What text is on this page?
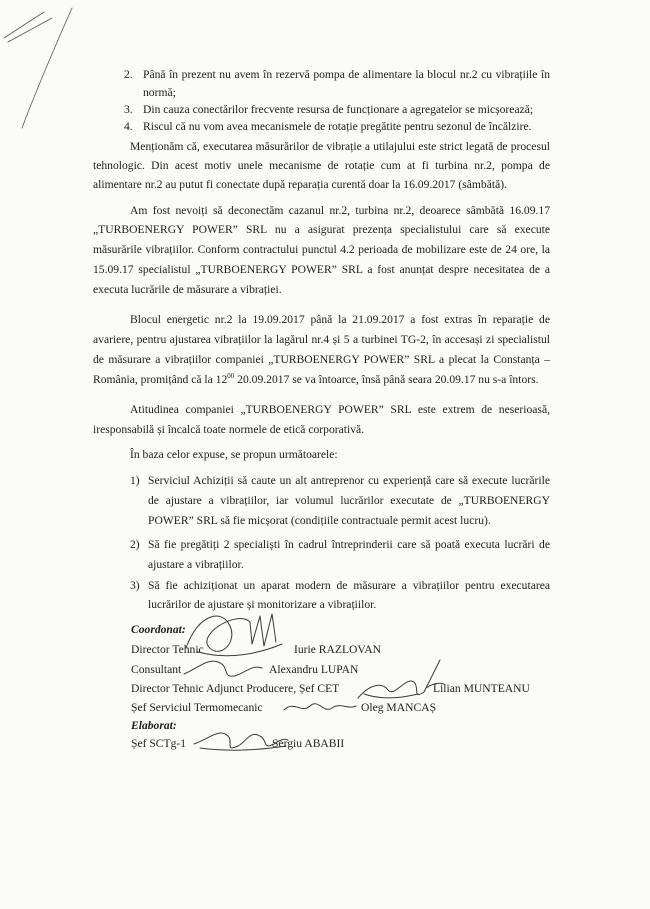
2. Până în prezent nu avem în rezervă pompa de alimentare la blocul nr.2 cu vibrațiile în
normă;
3. Din cauza conectărilor frecvente resursa de funcționare a agregatelor se micșorează;
4. Riscul că nu vom avea mecanismele de rotație pregătite pentru sezonul de încălzire.
Menționăm că, executarea măsurărilor de vibrație a utilajului este strict legată de procesul
tehnologic. Din acest motiv unele mecanisme de rotație cum at fi turbina nr.2, pompa de
alimentare nr.2 au putut fi conectate după reparația curentă doar la 16.09.2017 (sâmbătă).
Am fost nevoiți să deconectăm cazanul nr.2, turbina nr.2, deoarece sâmbătă 16.09.17
„TURBOENERGY POWER” SRL nu a asigurat prezența specialistului care să execute
măsurările vibrațiilor. Conform contractului punctul 4.2 perioada de mobilizare este de 24 ore, la
15.09.17 specialistul „TURBOENERGY POWER” SRL a fost anunțat despre necesitatea de a
executa lucrările de măsurare a vibrației.
Blocul energetic nr.2 la 19.09.2017 până la 21.09.2017 a fost extras în reparație de
avariere, pentru ajustarea vibrațiilor la lagărul nr.4 și 5 a turbinei TG-2, în accesași zi specialistul
de măsurare a vibrațiilor companiei „TURBOENERGY POWER” SRL a plecat la Constanța –
România, promițând că la $12^{00}$ 20.09.2017 se va întoarce, însă până seara 20.09.17 nu s-a întors.
Atitudinea companiei „TURBOENERGY POWER” SRL este extrem de neserioasă,
iresponsabilă și încalcă toate normele de etică corporativă.
În baza celor expuse, se propun următoarele:
1) Serviciul Achiziții să caute un alt antreprenor cu experiență care să execute lucrările
de ajustare a vibrațiilor, iar volumul lucrărilor executate de „TURBOENERGY
POWER” SRL să fie micșorat (condițiile contractuale permit acest lucru).
2) Să fie pregătiți 2 specialiști în cadrul întreprinderii care să poată executa lucrări de
ajustare a vibrațiilor.
3) Să fie achiziționat un aparat modern de măsurare a vibrațiilor pentru executarea
lucrărilor de ajustare și monitorizare a vibrațiilor.
Coordonat:
Director Tehnic	Iurie RAZLOVAN
Consultant	Alexandru LUPAN
Director Tehnic Adjunct Producere, Șef CET	Lilian MUNTEANU
Șef Serviciul Termomecanic	Oleg MANCAȘ
Elaborat:
Șef SCTg-1	Sergiu ABABII
